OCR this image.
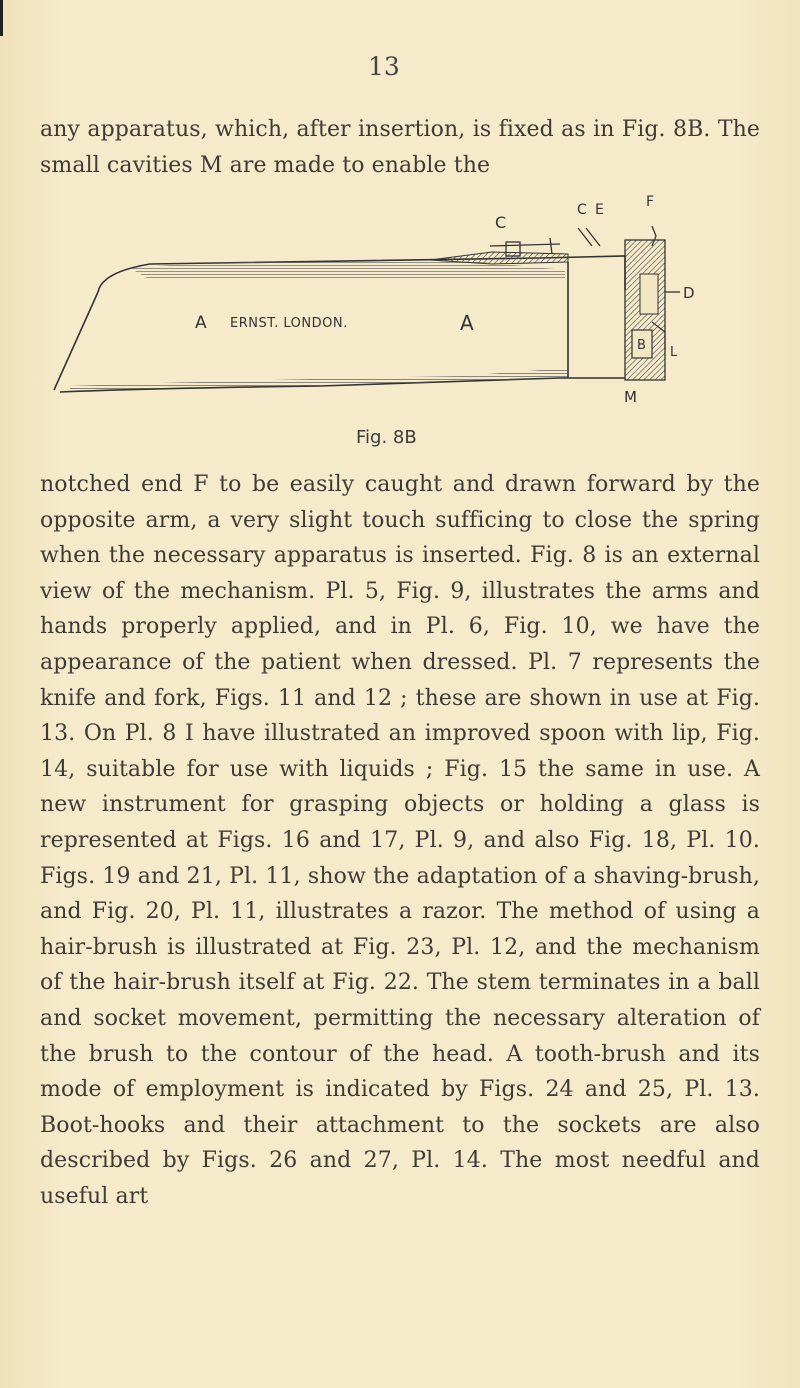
13

any apparatus, which, after insertion, is fixed as in Fig. 8B. The small cavities M are made to enable the

A ERNST. LONDON.	A
C
C E	F
D
B L
M
Fig. 8B

notched end F to be easily caught and drawn forward by the opposite arm, a very slight touch sufficing to close the spring when the necessary apparatus is inserted. Fig. 8 is an external view of the mechanism. Pl. 5, Fig. 9, illustrates the arms and hands properly applied, and in Pl. 6, Fig. 10, we have the appearance of the patient when dressed. Pl. 7 represents the knife and fork, Figs. 11 and 12 ; these are shown in use at Fig. 13. On Pl. 8 I have illustrated an improved spoon with lip, Fig. 14, suitable for use with liquids ; Fig. 15 the same in use. A new instrument for grasping objects or holding a glass is represented at Figs. 16 and 17, Pl. 9, and also Fig. 18, Pl. 10. Figs. 19 and 21, Pl. 11, show the adaptation of a shaving-brush, and Fig. 20, Pl. 11, illustrates a razor. The method of using a hair-brush is illustrated at Fig. 23, Pl. 12, and the mechanism of the hair-brush itself at Fig. 22. The stem terminates in a ball and socket movement, permitting the necessary alteration of the brush to the contour of the head. A tooth-brush and its mode of employment is indicated by Figs. 24 and 25, Pl. 13. Boot-hooks and their attachment to the sockets are also described by Figs. 26 and 27, Pl. 14. The most needful and useful art
